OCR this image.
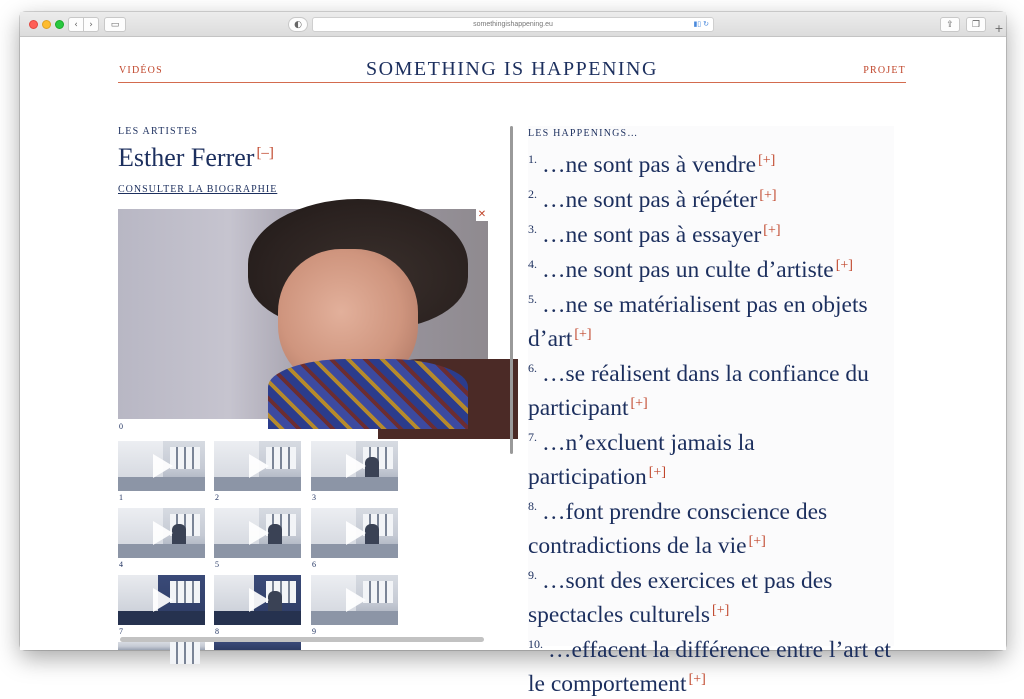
‹	›	▭	◐	somethingishappening.eu	▮▯ ↻	⇪	❐	+
VIDÉOS	SOMETHING IS HAPPENING	PROJET
LES ARTISTES
Esther Ferrer [–]
CONSULTER LA BIOGRAPHIE
✕
0
1	2	3
4	5	6
7	8	9
LES HAPPENINGS…
$^{1.}$ …ne sont pas à vendre [+]
$^{2.}$ …ne sont pas à répéter [+]
$^{3.}$ …ne sont pas à essayer [+]
$^{4.}$ …ne sont pas un culte d’artiste [+]
$^{5.}$ …ne se matérialisent pas en objets d’art [+]
$^{6.}$ …se réalisent dans la confiance du participant [+]
$^{7.}$ …n’excluent jamais la participation [+]
$^{8.}$ …font prendre conscience des contradictions de la vie [+]
$^{9.}$ …sont des exercices et pas des spectacles culturels [+]
$^{10.}$ …effacent la différence entre l’art et le comportement [+]
